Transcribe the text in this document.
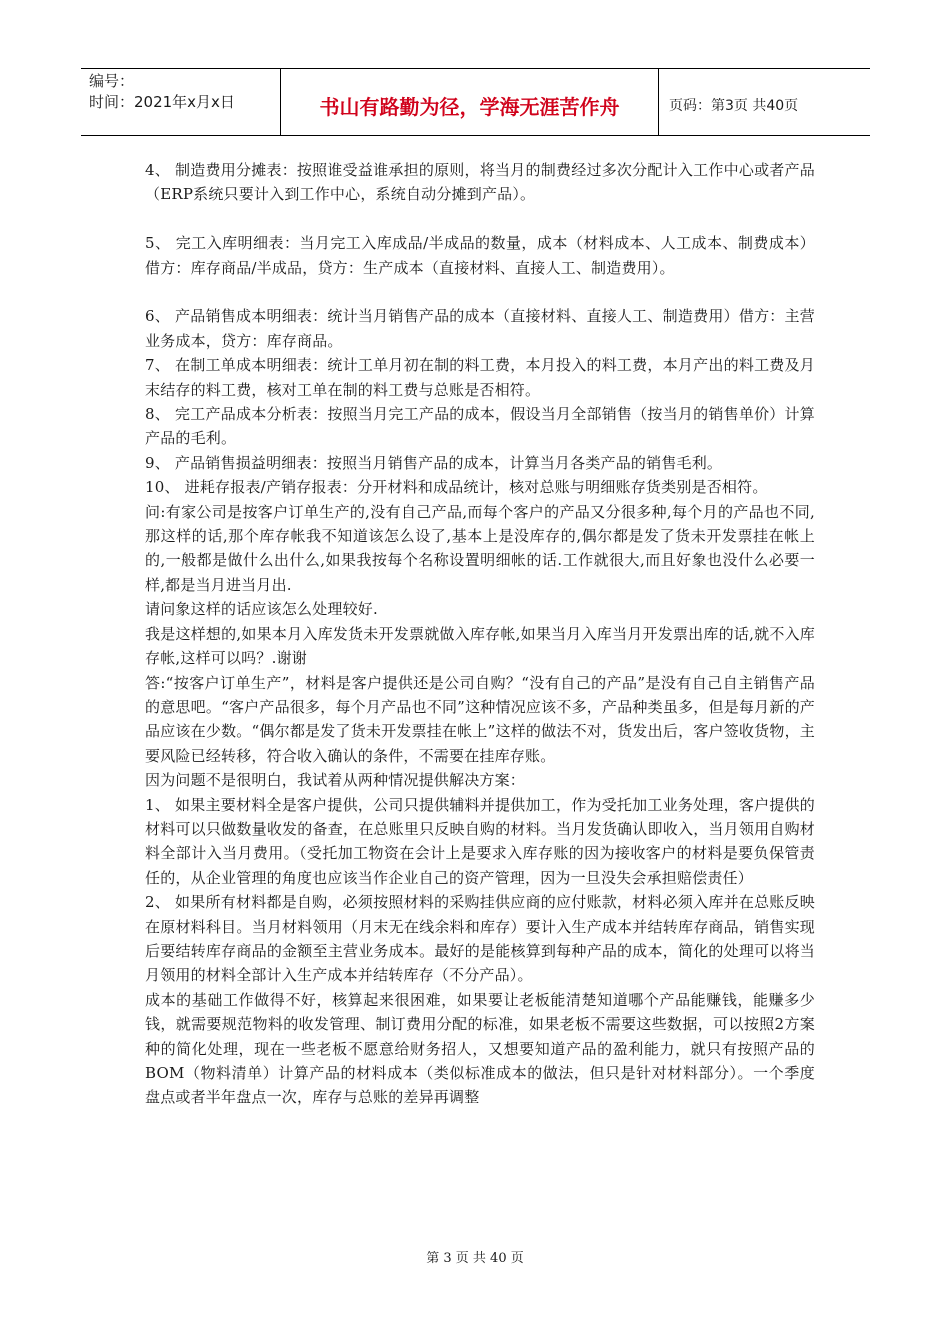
编号：
时间：2021年x月x日	书山有路勤为径，学海无涯苦作舟	页码：第3页 共40页

4、 制造费用分摊表：按照谁受益谁承担的原则，将当月的制费经过多次分配计入工作中心或者产品（ERP系统只要计入到工作中心，系统自动分摊到产品）。

5、 完工入库明细表：当月完工入库成品/半成品的数量，成本（材料成本、人工成本、制费成本） 借方：库存商品/半成品，贷方：生产成本（直接材料、直接人工、制造费用）。

6、 产品销售成本明细表：统计当月销售产品的成本（直接材料、直接人工、制造费用）借方：主营业务成本，贷方：库存商品。

7、 在制工单成本明细表：统计工单月初在制的料工费，本月投入的料工费，本月产出的料工费及月末结存的料工费，核对工单在制的料工费与总账是否相符。

8、 完工产品成本分析表：按照当月完工产品的成本，假设当月全部销售（按当月的销售单价）计算产品的毛利。

9、 产品销售损益明细表：按照当月销售产品的成本，计算当月各类产品的销售毛利。

10、 进耗存报表/产销存报表：分开材料和成品统计，核对总账与明细账存货类别是否相符。

问:有家公司是按客户订单生产的,没有自己产品,而每个客户的产品又分很多种,每个月的产品也不同,那这样的话,那个库存帐我不知道该怎么设了,基本上是没库存的,偶尔都是发了货未开发票挂在帐上的,一般都是做什么出什么,如果我按每个名称设置明细帐的话.工作就很大,而且好象也没什么必要一样,都是当月进当月出.

请问象这样的话应该怎么处理较好.

我是这样想的,如果本月入库发货未开发票就做入库存帐,如果当月入库当月开发票出库的话,就不入库存帐,这样可以吗？.谢谢

答:“按客户订单生产”，材料是客户提供还是公司自购？“没有自己的产品”是没有自己自主销售产品的意思吧。“客户产品很多，每个月产品也不同”这种情况应该不多，产品种类虽多，但是每月新的产品应该在少数。“偶尔都是发了货未开发票挂在帐上”这样的做法不对，货发出后，客户签收货物，主要风险已经转移，符合收入确认的条件，不需要在挂库存账。

因为问题不是很明白，我试着从两种情况提供解决方案：

1、 如果主要材料全是客户提供，公司只提供辅料并提供加工，作为受托加工业务处理，客户提供的材料可以只做数量收发的备查，在总账里只反映自购的材料。当月发货确认即收入，当月领用自购材料全部计入当月费用。（受托加工物资在会计上是要求入库存账的因为接收客户的材料是要负保管责任的，从企业管理的角度也应该当作企业自己的资产管理，因为一旦没失会承担赔偿责任）

2、 如果所有材料都是自购，必须按照材料的采购挂供应商的应付账款，材料必须入库并在总账反映在原材料科目。当月材料领用（月末无在线余料和库存）要计入生产成本并结转库存商品，销售实现后要结转库存商品的金额至主营业务成本。最好的是能核算到每种产品的成本，简化的处理可以将当月领用的材料全部计入生产成本并结转库存（不分产品）。

成本的基础工作做得不好，核算起来很困难，如果要让老板能清楚知道哪个产品能赚钱，能赚多少钱，就需要规范物料的收发管理、制订费用分配的标准，如果老板不需要这些数据，可以按照2方案种的简化处理，现在一些老板不愿意给财务招人，又想要知道产品的盈利能力，就只有按照产品的BOM（物料清单）计算产品的材料成本（类似标准成本的做法，但只是针对材料部分）。一个季度盘点或者半年盘点一次，库存与总账的差异再调整

第 3 页 共 40 页
